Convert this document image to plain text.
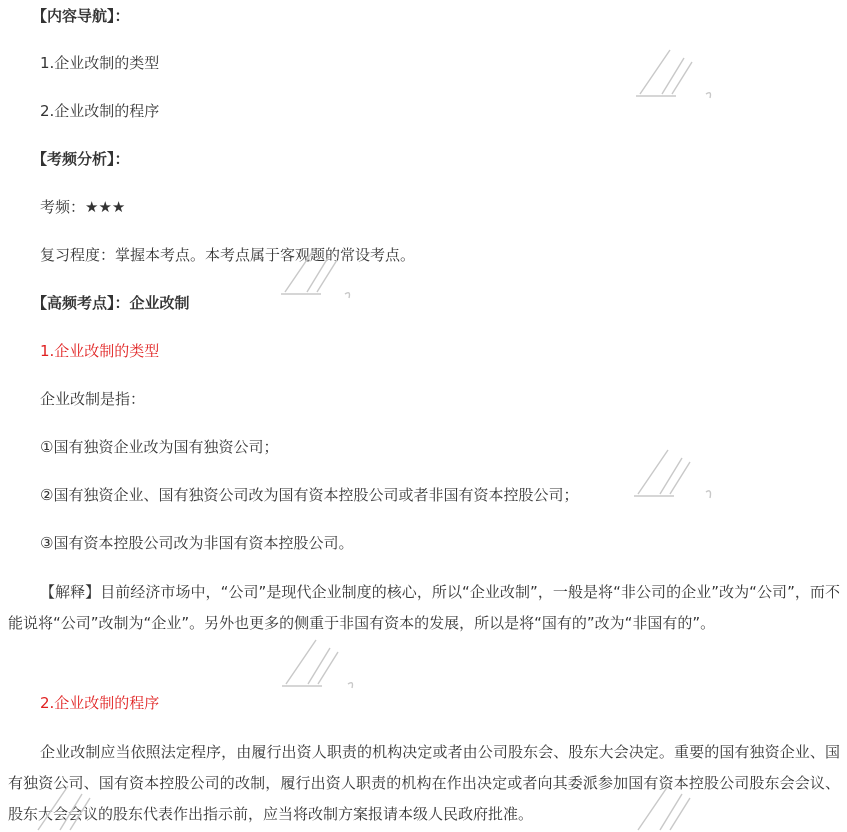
【内容导航】：
1.企业改制的类型
2.企业改制的程序
【考频分析】：
考频：★★★
复习程度：掌握本考点。本考点属于客观题的常设考点。
【高频考点】：企业改制
1.企业改制的类型
企业改制是指：
①国有独资企业改为国有独资公司；
②国有独资企业、国有独资公司改为国有资本控股公司或者非国有资本控股公司；
③国有资本控股公司改为非国有资本控股公司。

【解释】目前经济市场中，“公司”是现代企业制度的核心，所以“企业改制”，一般是将“非公司的企业”改为“公司”，而不能说将“公司”改制为“企业”。另外也更多的侧重于非国有资本的发展，所以是将“国有的”改为“非国有的”。

2.企业改制的程序

企业改制应当依照法定程序，由履行出资人职责的机构决定或者由公司股东会、股东大会决定。重要的国有独资企业、国有独资公司、国有资本控股公司的改制，履行出资人职责的机构在作出决定或者向其委派参加国有资本控股公司股东会会议、股东大会会议的股东代表作出指示前，应当将改制方案报请本级人民政府批准。
